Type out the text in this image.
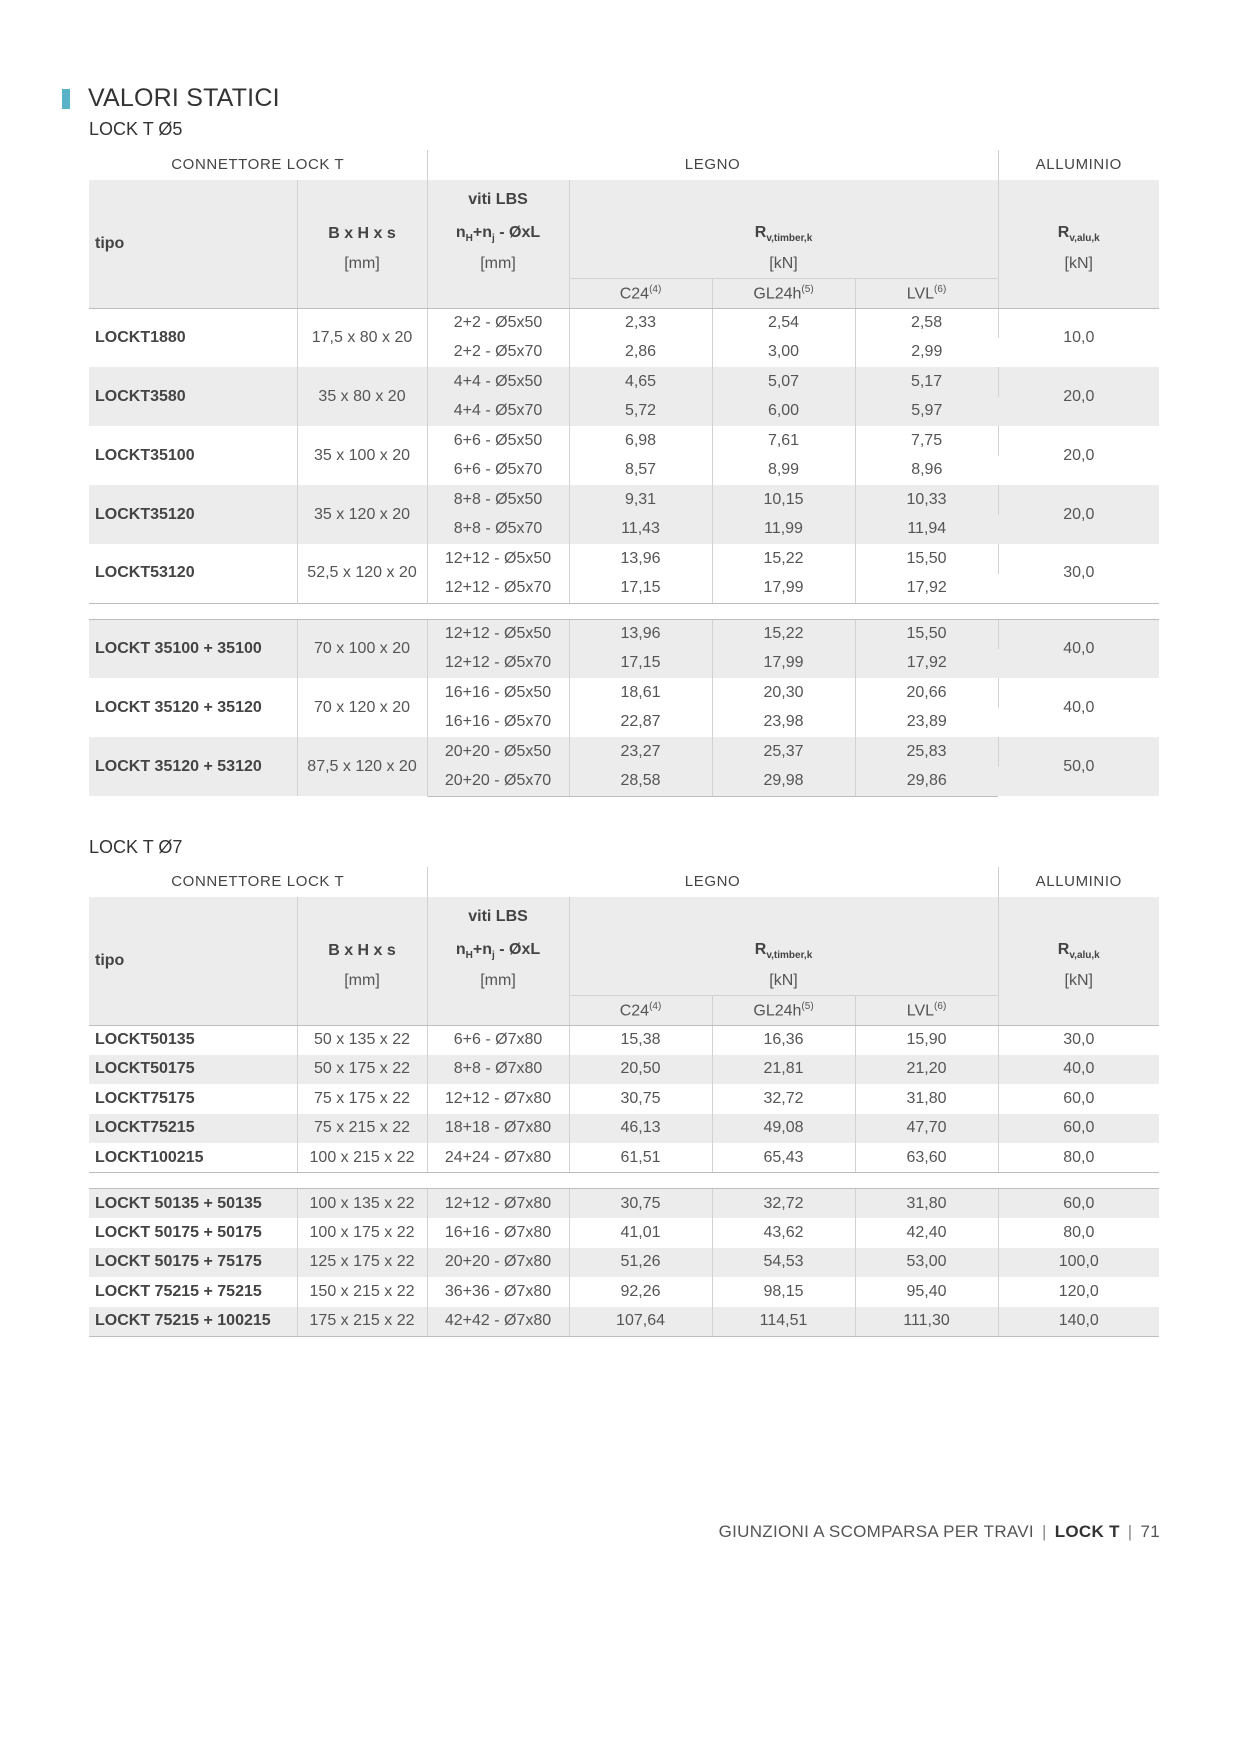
VALORI STATICI
LOCK T Ø5
CONNETTORE LOCK T		LEGNO				ALLUMINIO
tipo		viti LBS				
	B x H x s	$n_H+n_j$ - ØxL	$R_{v,timber,k}$			$R_{v,alu,k}$
	[mm]	[mm]	[kN]			[kN]
			C24$^{(4)}$	$GL24h^{(5)}$	LVL$^{(6)}$	
LOCKT1880	17,5 x 80 x 20	2+2 - Ø5x50	2,33	2,54	2,58	10,0
		2+2 - Ø5x70	2,86	3,00	2,99	
LOCKT3580	35 x 80 x 20	4+4 - Ø5x50	4,65	5,07	5,17	20,0
		4+4 - Ø5x70	5,72	6,00	5,97	
LOCKT35100	35 x 100 x 20	6+6 - Ø5x50	6,98	7,61	7,75	20,0
		6+6 - Ø5x70	8,57	8,99	8,96	
LOCKT35120	35 x 120 x 20	8+8 - Ø5x50	9,31	10,15	10,33	20,0
		8+8 - Ø5x70	11,43	11,99	11,94	
LOCKT53120	52,5 x 120 x 20	12+12 - Ø5x50	13,96	15,22	15,50	30,0
		12+12 - Ø5x70	17,15	17,99	17,92	

LOCKT 35100 + 35100	70 x 100 x 20	12+12 - Ø5x50	13,96	15,22	15,50	40,0
		12+12 - Ø5x70	17,15	17,99	17,92	
LOCKT 35120 + 35120	70 x 120 x 20	16+16 - Ø5x50	18,61	20,30	20,66	40,0
		16+16 - Ø5x70	22,87	23,98	23,89	
LOCKT 35120 + 53120	87,5 x 120 x 20	20+20 - Ø5x50	23,27	25,37	25,83	50,0
		20+20 - Ø5x70	28,58	29,98	29,86	
LOCK T Ø7
CONNETTORE LOCK T		LEGNO				ALLUMINIO
tipo		viti LBS				
	B x H x s	$n_H+n_j$ - ØxL	$R_{v,timber,k}$			$R_{v,alu,k}$
	[mm]	[mm]	[kN]			[kN]
			C24$^{(4)}$	$GL24h^{(5)}$	LVL$^{(6)}$	
LOCKT50135	50 x 135 x 22	6+6 - Ø7x80	15,38	16,36	15,90	30,0
LOCKT50175	50 x 175 x 22	8+8 - Ø7x80	20,50	21,81	21,20	40,0
LOCKT75175	75 x 175 x 22	12+12 - Ø7x80	30,75	32,72	31,80	60,0
LOCKT75215	75 x 215 x 22	18+18 - Ø7x80	46,13	49,08	47,70	60,0
LOCKT100215	100 x 215 x 22	24+24 - Ø7x80	61,51	65,43	63,60	80,0

LOCKT 50135 + 50135	100 x 135 x 22	12+12 - Ø7x80	30,75	32,72	31,80	60,0
LOCKT 50175 + 50175	100 x 175 x 22	16+16 - Ø7x80	41,01	43,62	42,40	80,0
LOCKT 50175 + 75175	125 x 175 x 22	20+20 - Ø7x80	51,26	54,53	53,00	100,0
LOCKT 75215 + 75215	150 x 215 x 22	36+36 - Ø7x80	92,26	98,15	95,40	120,0
LOCKT 75215 + 100215	175 x 215 x 22	42+42 - Ø7x80	107,64	114,51	111,30	140,0
GIUNZIONI A SCOMPARSA PER TRAVI | LOCK T | 71
